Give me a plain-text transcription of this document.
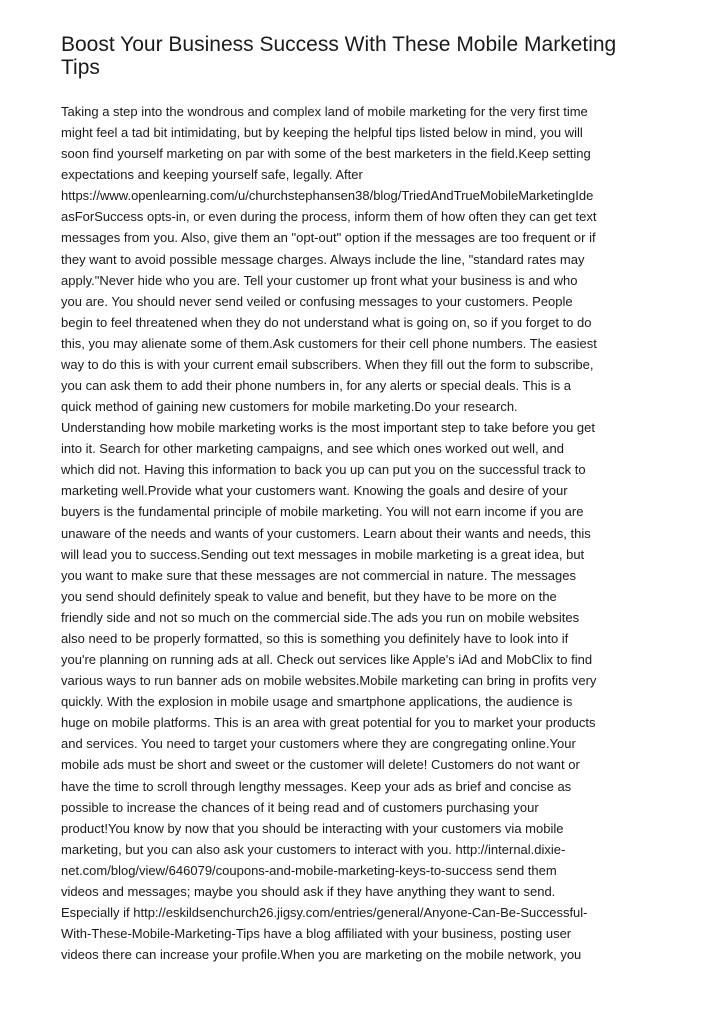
Boost Your Business Success With These Mobile Marketing
Tips
Taking a step into the wondrous and complex land of mobile marketing for the very first time
might feel a tad bit intimidating, but by keeping the helpful tips listed below in mind, you will
soon find yourself marketing on par with some of the best marketers in the field.Keep setting
expectations and keeping yourself safe, legally. After
https://www.openlearning.com/u/churchstephansen38/blog/TriedAndTrueMobileMarketingIde
asForSuccess opts-in, or even during the process, inform them of how often they can get text
messages from you. Also, give them an "opt-out" option if the messages are too frequent or if
they want to avoid possible message charges. Always include the line, "standard rates may
apply."Never hide who you are. Tell your customer up front what your business is and who
you are. You should never send veiled or confusing messages to your customers. People
begin to feel threatened when they do not understand what is going on, so if you forget to do
this, you may alienate some of them.Ask customers for their cell phone numbers. The easiest
way to do this is with your current email subscribers. When they fill out the form to subscribe,
you can ask them to add their phone numbers in, for any alerts or special deals. This is a
quick method of gaining new customers for mobile marketing.Do your research.
Understanding how mobile marketing works is the most important step to take before you get
into it. Search for other marketing campaigns, and see which ones worked out well, and
which did not. Having this information to back you up can put you on the successful track to
marketing well.Provide what your customers want. Knowing the goals and desire of your
buyers is the fundamental principle of mobile marketing. You will not earn income if you are
unaware of the needs and wants of your customers. Learn about their wants and needs, this
will lead you to success.Sending out text messages in mobile marketing is a great idea, but
you want to make sure that these messages are not commercial in nature. The messages
you send should definitely speak to value and benefit, but they have to be more on the
friendly side and not so much on the commercial side.The ads you run on mobile websites
also need to be properly formatted, so this is something you definitely have to look into if
you're planning on running ads at all. Check out services like Apple's iAd and MobClix to find
various ways to run banner ads on mobile websites.Mobile marketing can bring in profits very
quickly. With the explosion in mobile usage and smartphone applications, the audience is
huge on mobile platforms. This is an area with great potential for you to market your products
and services. You need to target your customers where they are congregating online.Your
mobile ads must be short and sweet or the customer will delete! Customers do not want or
have the time to scroll through lengthy messages. Keep your ads as brief and concise as
possible to increase the chances of it being read and of customers purchasing your
product!You know by now that you should be interacting with your customers via mobile
marketing, but you can also ask your customers to interact with you. http://internal.dixie-
net.com/blog/view/646079/coupons-and-mobile-marketing-keys-to-success send them
videos and messages; maybe you should ask if they have anything they want to send.
Especially if http://eskildsenchurch26.jigsy.com/entries/general/Anyone-Can-Be-Successful-
With-These-Mobile-Marketing-Tips have a blog affiliated with your business, posting user
videos there can increase your profile.When you are marketing on the mobile network, you
